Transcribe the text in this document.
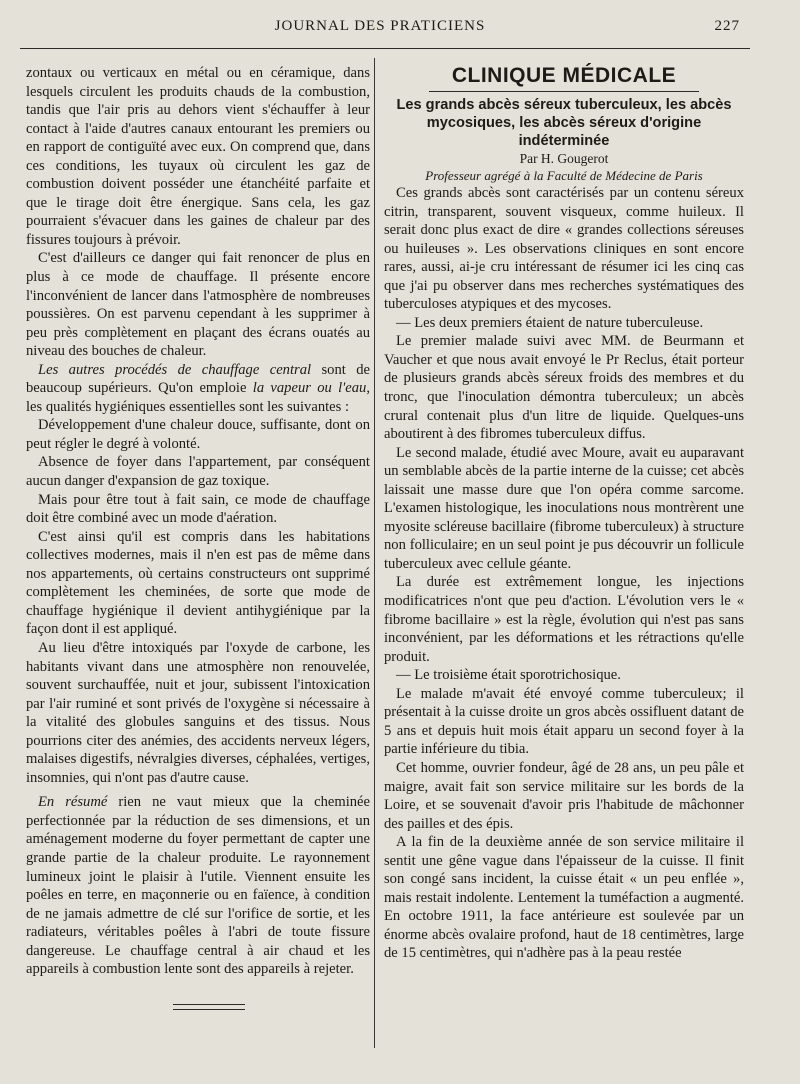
JOURNAL DES PRATICIENS	227

zontaux ou verticaux en métal ou en céramique, dans lesquels circulent les produits chauds de la combustion, tandis que l'air pris au dehors vient s'échauffer à leur contact à l'aide d'autres canaux entourant les premiers ou en rapport de contiguïté avec eux. On comprend que, dans ces conditions, les tuyaux où circulent les gaz de combustion doivent posséder une étanchéité parfaite et que le tirage doit être énergique. Sans cela, les gaz pourraient s'évacuer dans les gaines de chaleur par des fissures toujours à prévoir.

C'est d'ailleurs ce danger qui fait renoncer de plus en plus à ce mode de chauffage. Il présente encore l'inconvénient de lancer dans l'atmosphère de nombreuses poussières. On est parvenu cependant à les supprimer à peu près complètement en plaçant des écrans ouatés au niveau des bouches de chaleur.

Les autres procédés de chauffage central sont de beaucoup supérieurs. Qu'on emploie la vapeur ou l'eau, les qualités hygiéniques essentielles sont les suivantes :

Développement d'une chaleur douce, suffisante, dont on peut régler le degré à volonté.

Absence de foyer dans l'appartement, par conséquent aucun danger d'expansion de gaz toxique.

Mais pour être tout à fait sain, ce mode de chauffage doit être combiné avec un mode d'aération.

C'est ainsi qu'il est compris dans les habitations collectives modernes, mais il n'en est pas de même dans nos appartements, où certains constructeurs ont supprimé complètement les cheminées, de sorte que mode de chauffage hygiénique il devient antihygiénique par la façon dont il est appliqué.

Au lieu d'être intoxiqués par l'oxyde de carbone, les habitants vivant dans une atmosphère non renouvelée, souvent surchauffée, nuit et jour, subissent l'intoxication par l'air ruminé et sont privés de l'oxygène si nécessaire à la vitalité des globules sanguins et des tissus. Nous pourrions citer des anémies, des accidents nerveux légers, malaises digestifs, névralgies diverses, céphalées, vertiges, insomnies, qui n'ont pas d'autre cause.

En résumé rien ne vaut mieux que la cheminée perfectionnée par la réduction de ses dimensions, et un aménagement moderne du foyer permettant de capter une grande partie de la chaleur produite. Le rayonnement lumineux joint le plaisir à l'utile. Viennent ensuite les poêles en terre, en maçonnerie ou en faïence, à condition de ne jamais admettre de clé sur l'orifice de sortie, et les radiateurs, véritables poêles à l'abri de toute fissure dangereuse. Le chauffage central à air chaud et les appareils à combustion lente sont des appareils à rejeter.

CLINIQUE MÉDICALE
Les grands abcès séreux tuberculeux, les abcès mycosiques, les abcès séreux d'origine indéterminée

Par H. Gougerot

Professeur agrégé à la Faculté de Médecine de Paris

Ces grands abcès sont caractérisés par un contenu séreux citrin, transparent, souvent visqueux, comme huileux. Il serait donc plus exact de dire « grandes collections séreuses ou huileuses ». Les observations cliniques en sont encore rares, aussi, ai-je cru intéressant de résumer ici les cinq cas que j'ai pu observer dans mes recherches systématiques des tuberculoses atypiques et des mycoses.

— Les deux premiers étaient de nature tuberculeuse.

Le premier malade suivi avec MM. de Beurmann et Vaucher et que nous avait envoyé le Pr Reclus, était porteur de plusieurs grands abcès séreux froids des membres et du tronc, que l'inoculation démontra tuberculeux; un abcès crural contenait plus d'un litre de liquide. Quelques-uns aboutirent à des fibromes tuberculeux diffus.

Le second malade, étudié avec Moure, avait eu auparavant un semblable abcès de la partie interne de la cuisse; cet abcès laissait une masse dure que l'on opéra comme sarcome. L'examen histologique, les inoculations nous montrèrent une myosite scléreuse bacillaire (fibrome tuberculeux) à structure non folliculaire; en un seul point je pus découvrir un follicule tuberculeux avec cellule géante.

La durée est extrêmement longue, les injections modificatrices n'ont que peu d'action. L'évolution vers le « fibrome bacillaire » est la règle, évolution qui n'est pas sans inconvénient, par les déformations et les rétractions qu'elle produit.

— Le troisième était sporotrichosique.

Le malade m'avait été envoyé comme tuberculeux; il présentait à la cuisse droite un gros abcès ossifluent datant de 5 ans et depuis huit mois était apparu un second foyer à la partie inférieure du tibia.

Cet homme, ouvrier fondeur, âgé de 28 ans, un peu pâle et maigre, avait fait son service militaire sur les bords de la Loire, et se souvenait d'avoir pris l'habitude de mâchonner des pailles et des épis.

A la fin de la deuxième année de son service militaire il sentit une gêne vague dans l'épaisseur de la cuisse. Il finit son congé sans incident, la cuisse était « un peu enflée », mais restait indolente. Lentement la tuméfaction a augmenté. En octobre 1911, la face antérieure est soulevée par un énorme abcès ovalaire profond, haut de 18 centimètres, large de 15 centimètres, qui n'adhère pas à la peau restée
